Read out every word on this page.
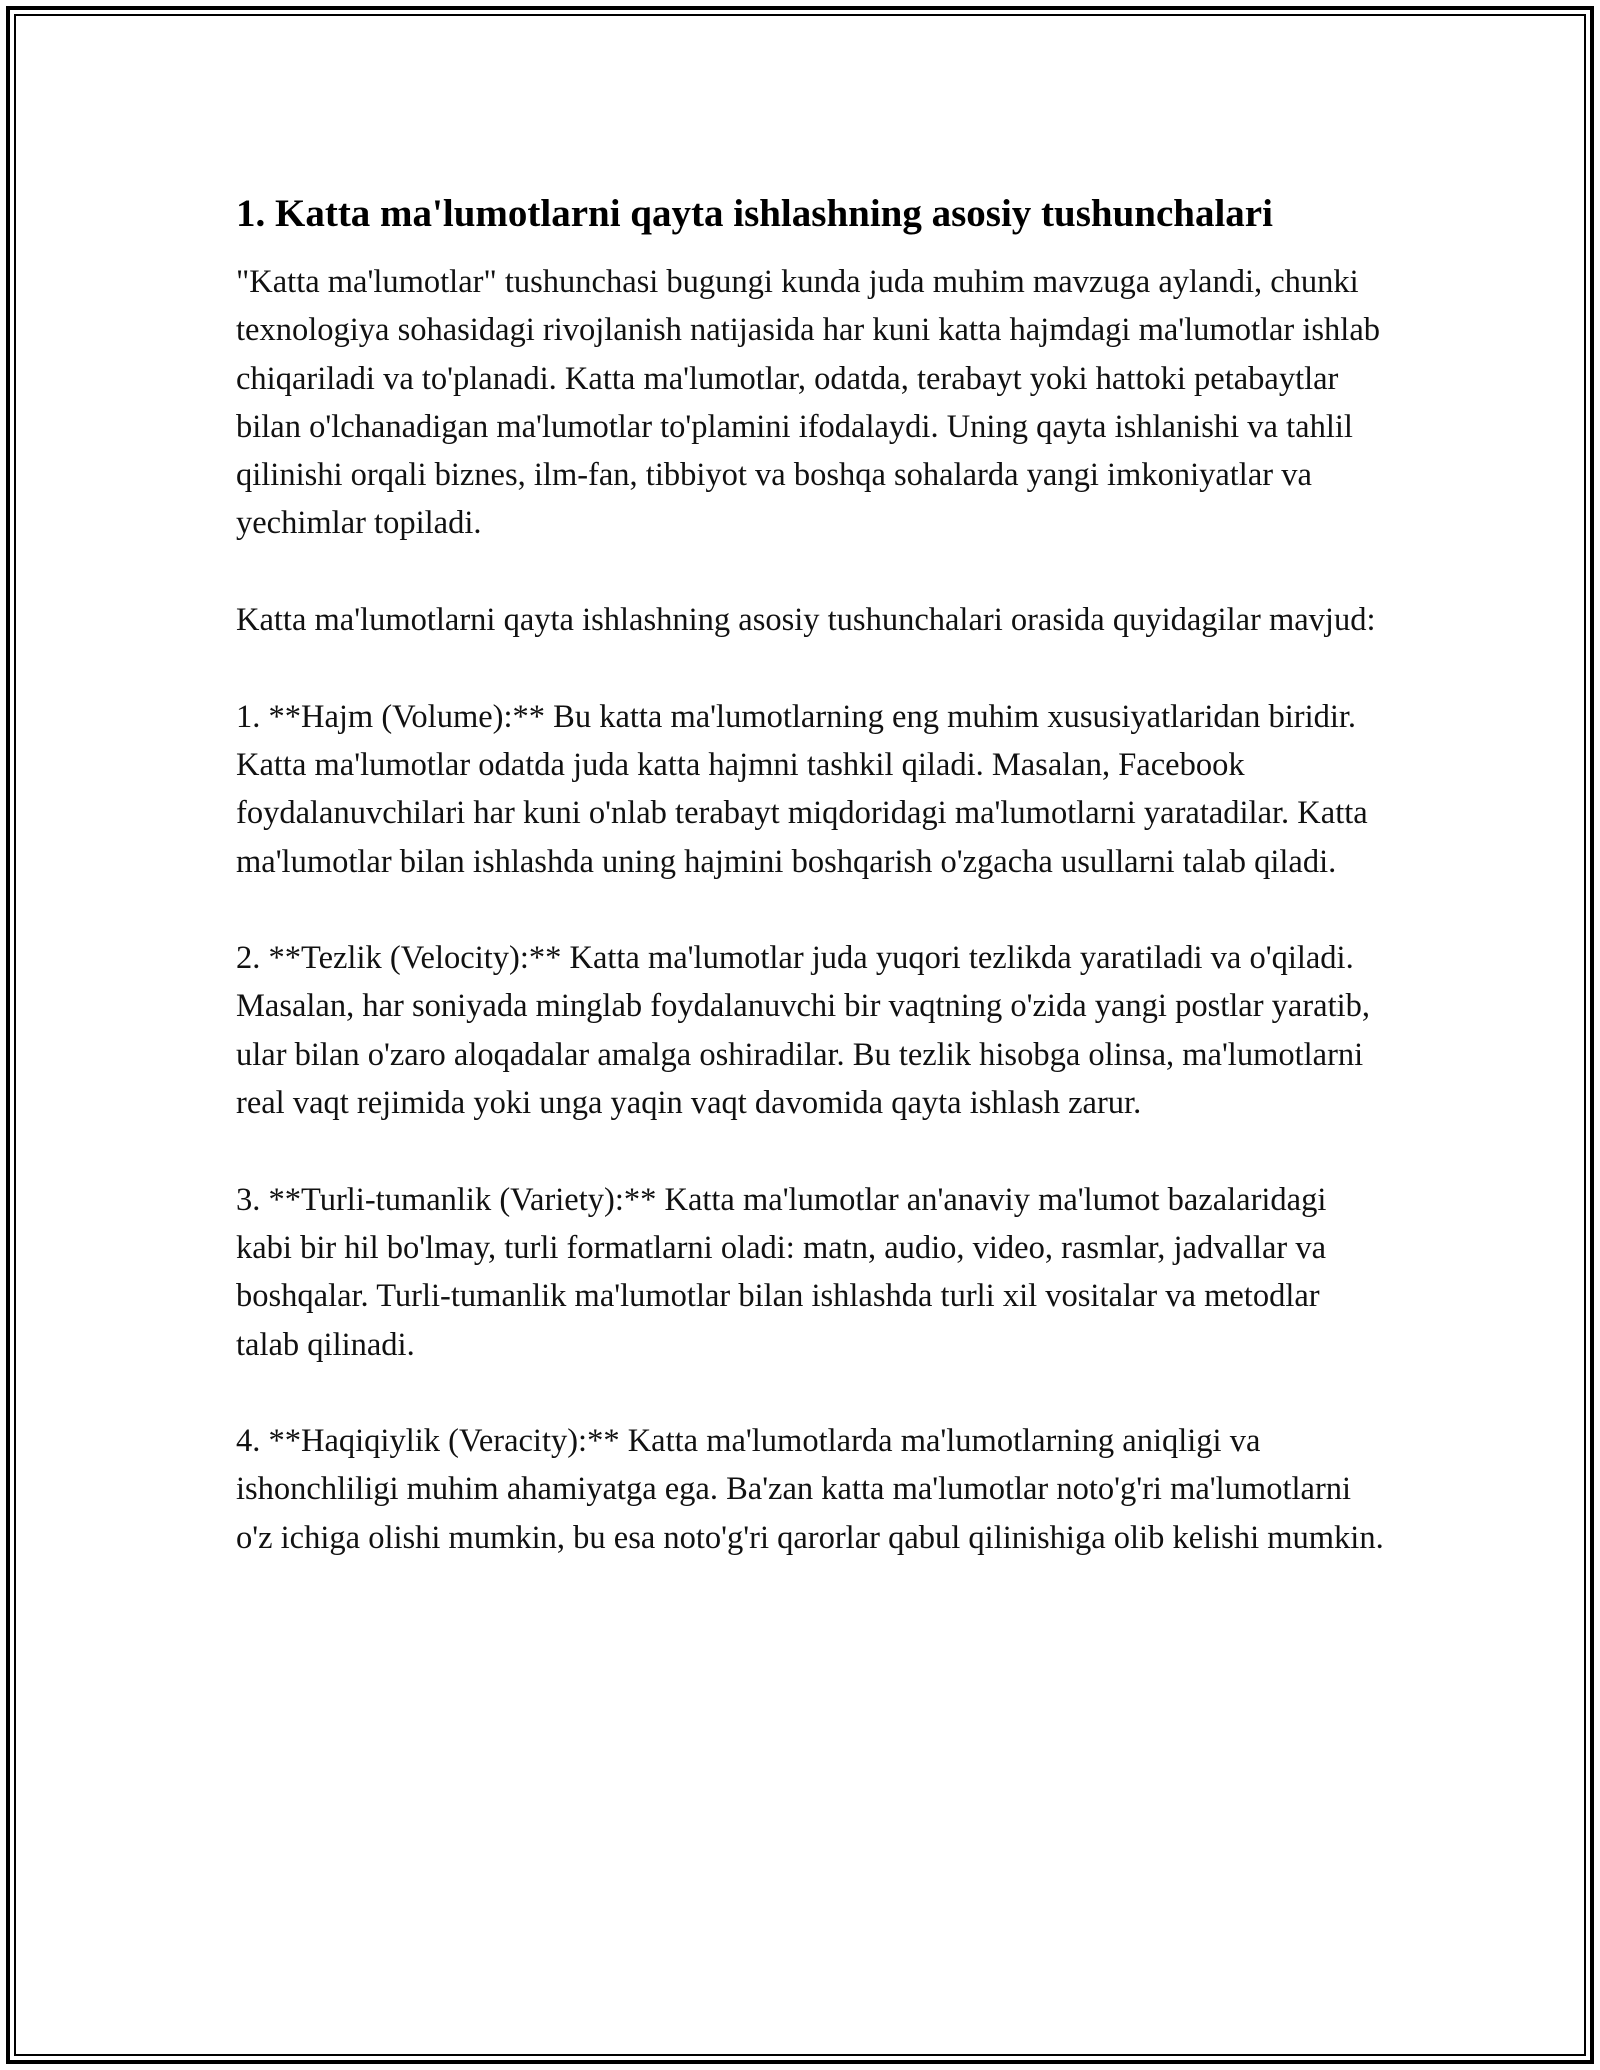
1. Katta ma'lumotlarni qayta ishlashning asosiy tushunchalari

"Katta ma'lumotlar" tushunchasi bugungi kunda juda muhim mavzuga aylandi, chunki texnologiya sohasidagi rivojlanish natijasida har kuni katta hajmdagi ma'lumotlar ishlab chiqariladi va to'planadi. Katta ma'lumotlar, odatda, terabayt yoki hattoki petabaytlar bilan o'lchanadigan ma'lumotlar to'plamini ifodalaydi. Uning qayta ishlanishi va tahlil qilinishi orqali biznes, ilm-fan, tibbiyot va boshqa sohalarda yangi imkoniyatlar va yechimlar topiladi.

Katta ma'lumotlarni qayta ishlashning asosiy tushunchalari orasida quyidagilar mavjud:

1. **Hajm (Volume):** Bu katta ma'lumotlarning eng muhim xususiyatlaridan biridir. Katta ma'lumotlar odatda juda katta hajmni tashkil qiladi. Masalan, Facebook foydalanuvchilari har kuni o'nlab terabayt miqdoridagi ma'lumotlarni yaratadilar. Katta ma'lumotlar bilan ishlashda uning hajmini boshqarish o'zgacha usullarni talab qiladi.

2. **Tezlik (Velocity):** Katta ma'lumotlar juda yuqori tezlikda yaratiladi va o'qiladi. Masalan, har soniyada minglab foydalanuvchi bir vaqtning o'zida yangi postlar yaratib, ular bilan o'zaro aloqadalar amalga oshiradilar. Bu tezlik hisobga olinsa, ma'lumotlarni real vaqt rejimida yoki unga yaqin vaqt davomida qayta ishlash zarur.

3. **Turli-tumanlik (Variety):** Katta ma'lumotlar an'anaviy ma'lumot bazalaridagi kabi bir hil bo'lmay, turli formatlarni oladi: matn, audio, video, rasmlar, jadvallar va boshqalar. Turli-tumanlik ma'lumotlar bilan ishlashda turli xil vositalar va metodlar talab qilinadi.

4. **Haqiqiylik (Veracity):** Katta ma'lumotlarda ma'lumotlarning aniqligi va ishonchliligi muhim ahamiyatga ega. Ba'zan katta ma'lumotlar noto'g'ri ma'lumotlarni o'z ichiga olishi mumkin, bu esa noto'g'ri qarorlar qabul qilinishiga olib kelishi mumkin.
